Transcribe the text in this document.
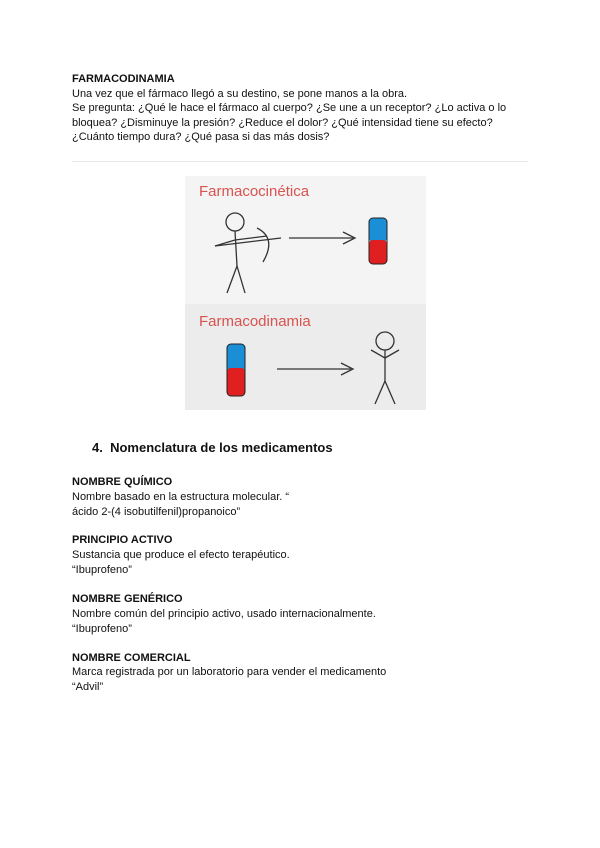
FARMACODINAMIA
Una vez que el fármaco llegó a su destino, se pone manos a la obra.
Se pregunta: ¿Qué le hace el fármaco al cuerpo? ¿Se une a un receptor? ¿Lo activa o lo
bloquea? ¿Disminuye la presión? ¿Reduce el dolor? ¿Qué intensidad tiene su efecto?
¿Cuánto tiempo dura? ¿Qué pasa si das más dosis?
Farmacocinética
Farmacodinamia
4. Nomenclatura de los medicamentos
NOMBRE QUÍMICO
Nombre basado en la estructura molecular. “
ácido 2-(4 isobutilfenil)propanoico”
PRINCIPIO ACTIVO
Sustancia que produce el efecto terapéutico.
“Ibuprofeno”
NOMBRE GENÉRICO
Nombre común del principio activo, usado internacionalmente.
“Ibuprofeno”
NOMBRE COMERCIAL
Marca registrada por un laboratorio para vender el medicamento
“Advil”
